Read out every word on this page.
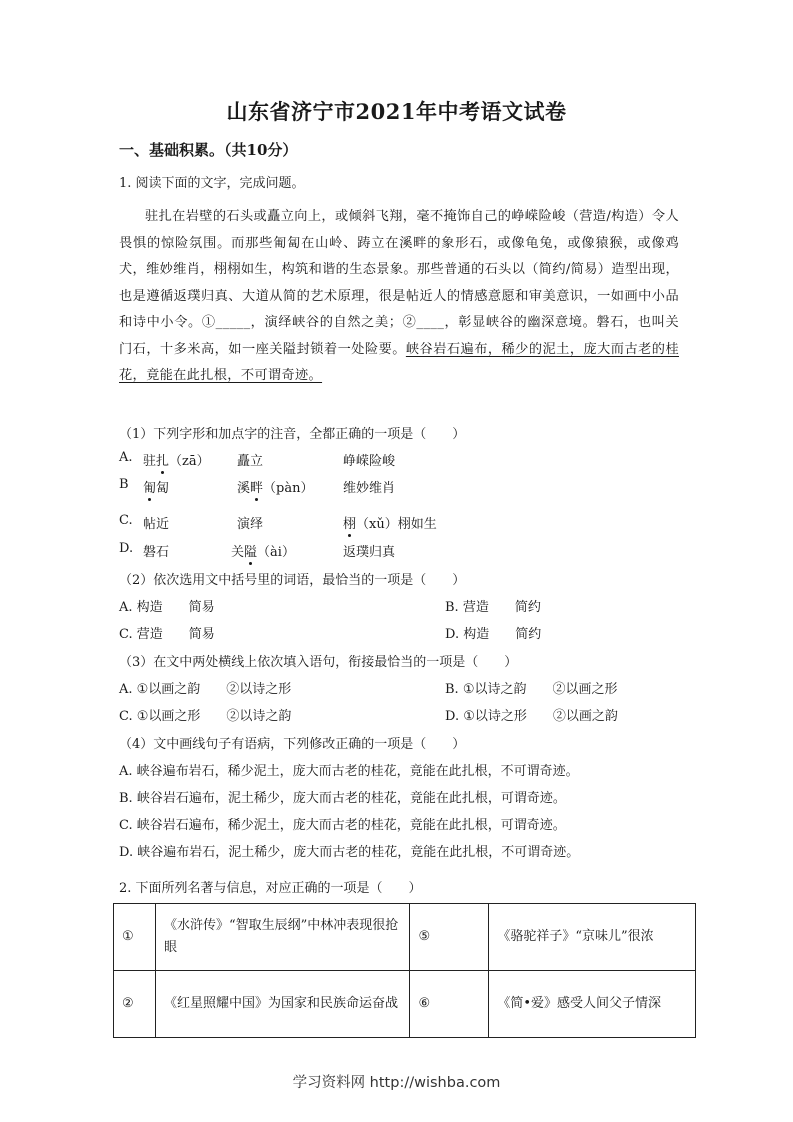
山东省济宁市2021年中考语文试卷
一、基础积累。（共10分）
1. 阅读下面的文字，完成问题。
驻扎在岩壁的石头或矗立向上，或倾斜飞翔，毫不掩饰自己的峥嵘险峻（营造/构造）令人畏惧的惊险氛围。而那些匍匐在山岭、踌立在溪畔的象形石，或像龟兔，或像猿猴，或像鸡犬，维妙维肖，栩栩如生，构筑和谐的生态景象。那些普通的石头以（简约/简易）造型出现，也是遵循返璞归真、大道从简的艺术原理，很是帖近人的情感意愿和审美意识，一如画中小品和诗中小令。①_____，演绎峡谷的自然之美；②____，彰显峡谷的幽深意境。磐石，也叫关门石，十多米高，如一座关隘封锁着一处险要。峡谷岩石遍布，稀少的泥土，庞大而古老的桂花，竟能在此扎根，不可谓奇迹。
（1）下列字形和加点字的注音，全都正确的一项是（　　）
A. 驻扎（zā） 矗立	峥嵘险峻
B 匍匐	溪畔（pàn） 维妙维肖
C. 帖近	演绎	栩（xǔ）栩如生
D. 磐石	关隘（ài）	返璞归真
（2）依次选用文中括号里的词语，最恰当的一项是（　　）
A. 构造　　简易	B. 营造　　简约
C. 营造　　简易	D. 构造　　简约
（3）在文中两处横线上依次填入语句，衔接最恰当的一项是（　　）
A. ①以画之韵　　②以诗之形	B. ①以诗之韵　　②以画之形
C. ①以画之形　　②以诗之韵	D. ①以诗之形　　②以画之韵
（4）文中画线句子有语病，下列修改正确的一项是（　　）
A. 峡谷遍布岩石，稀少泥土，庞大而古老的桂花，竟能在此扎根，不可谓奇迹。
B. 峡谷岩石遍布，泥土稀少，庞大而古老的桂花，竟能在此扎根，可谓奇迹。
C. 峡谷岩石遍布，稀少泥土，庞大而古老的桂花，竟能在此扎根，可谓奇迹。
D. 峡谷遍布岩石，泥土稀少，庞大而古老的桂花，竟能在此扎根，不可谓奇迹。
2. 下面所列名著与信息，对应正确的一项是（　　）
①	《水浒传》“智取生辰纲”中林冲表现很抢眼	⑤	《骆驼祥子》“京味儿”很浓
②	《红星照耀中国》为国家和民族命运奋战	⑥	《简•爱》感受人间父子情深
学习资料网 http://wishba.com
